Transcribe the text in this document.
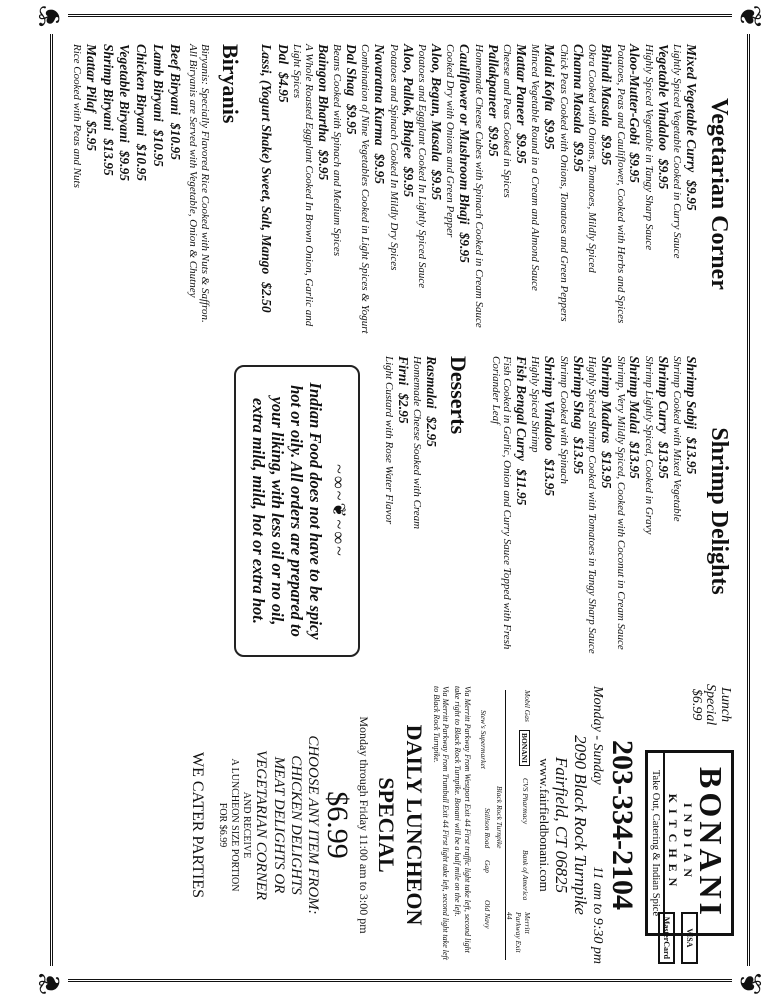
❦
❦
❦
❦
Vegetarian Corner
Mixed Vegetable Curry$9.95
Lightly Spiced Vegetable Cooked in Curry Sauce
Vegetable Vindaloo$9.95
Highly Spiced Vegetable in Tangy Sharp Sauce
Aloo-Mutter-Gobi$9.95
Potatoes, Peas and Cauliflower, Cooked with Herbs and Spices
Bhindi Masala$9.95
Okra Cooked with Onions, Tomatoes, Mildly Spiced
Channa Masala$9.95
Chick Peas Cooked with Onions, Tomatoes and Green Peppers
Malai Kofta$9.95
Minced Vegetable Round in a Cream and Almond Sauce
Mattar Paneer$9.95
Cheese and Peas Cooked in Spices
Pallakpaneer$9.95
Homemade Cheese Cubes with Spinach Cooked in Cream Sauce
Cauliflower or Mushroom Bhaji$9.95
Cooked Dry with Onions and Green Pepper
Aloo, Begun, Masala$9.95
Potatoes and Eggplant Cooked In Lightly Spiced Sauce
Aloo, Pallok, Bhajee$9.95
Potatoes and Spinach Cooked In Mildly Dry Spices
Navaratna Kurma$9.95
Combination of Nine Vegetables Cooked in Light Spices & Yogurt
Dal Shag$9.95
Beans Cooked with Spinach and Medium Spices
Baingon Bhartha$9.95
A Whole Roasted Eggplant Cooked In Brown Onion, Garlic and Light Spices
Dal$4.95
Lassi, (Yogurt Shake) Sweet, Salt, Mango$2.50
Biryanis
Biryanis: Specially Flavored Rice Cooked with Nuts & Saffron.
All Biryanis are Served with Vegetable, Onion & Chutney
Beef Biryani$10.95
Lamb Biryani$10.95
Chicken Biryani$10.95
Vegetable Biryani$9.95
Shrimp Biryani$13.95
Mattar Pilaf$5.95
Rice Cooked with Peas and Nuts
Shrimp Delights
Shrimp Sabji$13.95
Shrimp Cooked with Mixed Vegetable
Shrimp Curry$13.95
Shrimp Lightly Spiced, Cooked in Gravy
Shrimp Malai$13.95
Shrimp, Very Mildly Spiced, Cooked with Coconut in Cream Sauce
Shrimp Madras$13.95
Highly Spiced Shrimp Cooked with Tomatoes in Tangy Sharp Sauce
Shrimp Shag$13.95
Shrimp Cooked with Spinach
Shrimp Vindaloo$13.95
Highly Spiced Shrimp
Fish Bengal Curry$11.95
Fish Cooked in Garlic, Onion and Curry Sauce Topped with Fresh Coriander Leaf
Desserts
Rasmalai$2.95
Homemade Cheese Soaked with Cream
Firni$2.95
Light Custard with Rose Water Flavor
~∞~❦~∞~
Indian Food does not have to be spicy hot or oily. All orders are prepared to your liking, with less oil or no oil, extra mild, mild, hot or extra hot.
Lunch
Special
$6.99
BONANI
INDIAN KITCHEN
Take Out, Catering & Indian Spice
VISA
MasterCard
203-334-2104
Monday - Sunday
11 am to 9:30 pm
2090 Black Rock Turnpike
Fairfield, CT 06825
www.fairfieldbonani.com
Mobil Gas
BONANI
CVS Pharmacy
Bank of America
Merritt Parkway Exit 44
Black Rock Turnpike
Stew's Supermarket
Stillson Road
Gap
Old Navy
Via Merritt Parkway From Westport Exit 44 First traffic light take left, second light take right to Black Rock Turnpike. Bonani will be a half mile on the left.
Via Merritt Parkway From Trumbull Exit 44 First light take left, second light take left to Black Rock Turnpike.
DAILY LUNCHEON
SPECIAL
Monday through Friday 11:00 am to 3:00 pm
$6.99
CHOOSE ANY ITEM FROM:
CHICKEN DELIGHTS
MEAT DELIGHTS OR
VEGETARIAN CORNER
AND RECEIVE
A LUNCHEON SIZE PORTION
FOR $6.99
WE CATER PARTIES
